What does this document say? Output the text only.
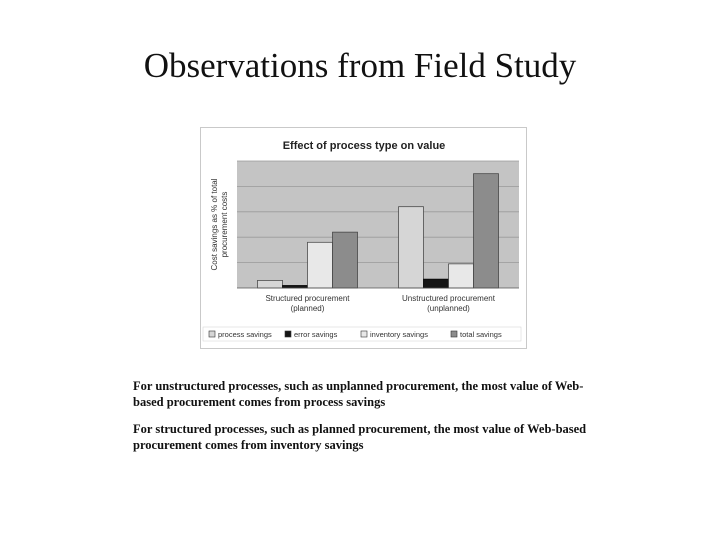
Observations from Field Study
Effect of process type on value
Cost savings as % of totalprocurement costs
Structured procurement (planned)
Unstructured procurement (unplanned)
process savings	error savings	inventory savings	total savings
For unstructured processes, such as unplanned procurement, the most value of Web-based procurement comes from process savings
For structured processes, such as planned procurement, the most value of Web-based procurement comes from inventory savings
